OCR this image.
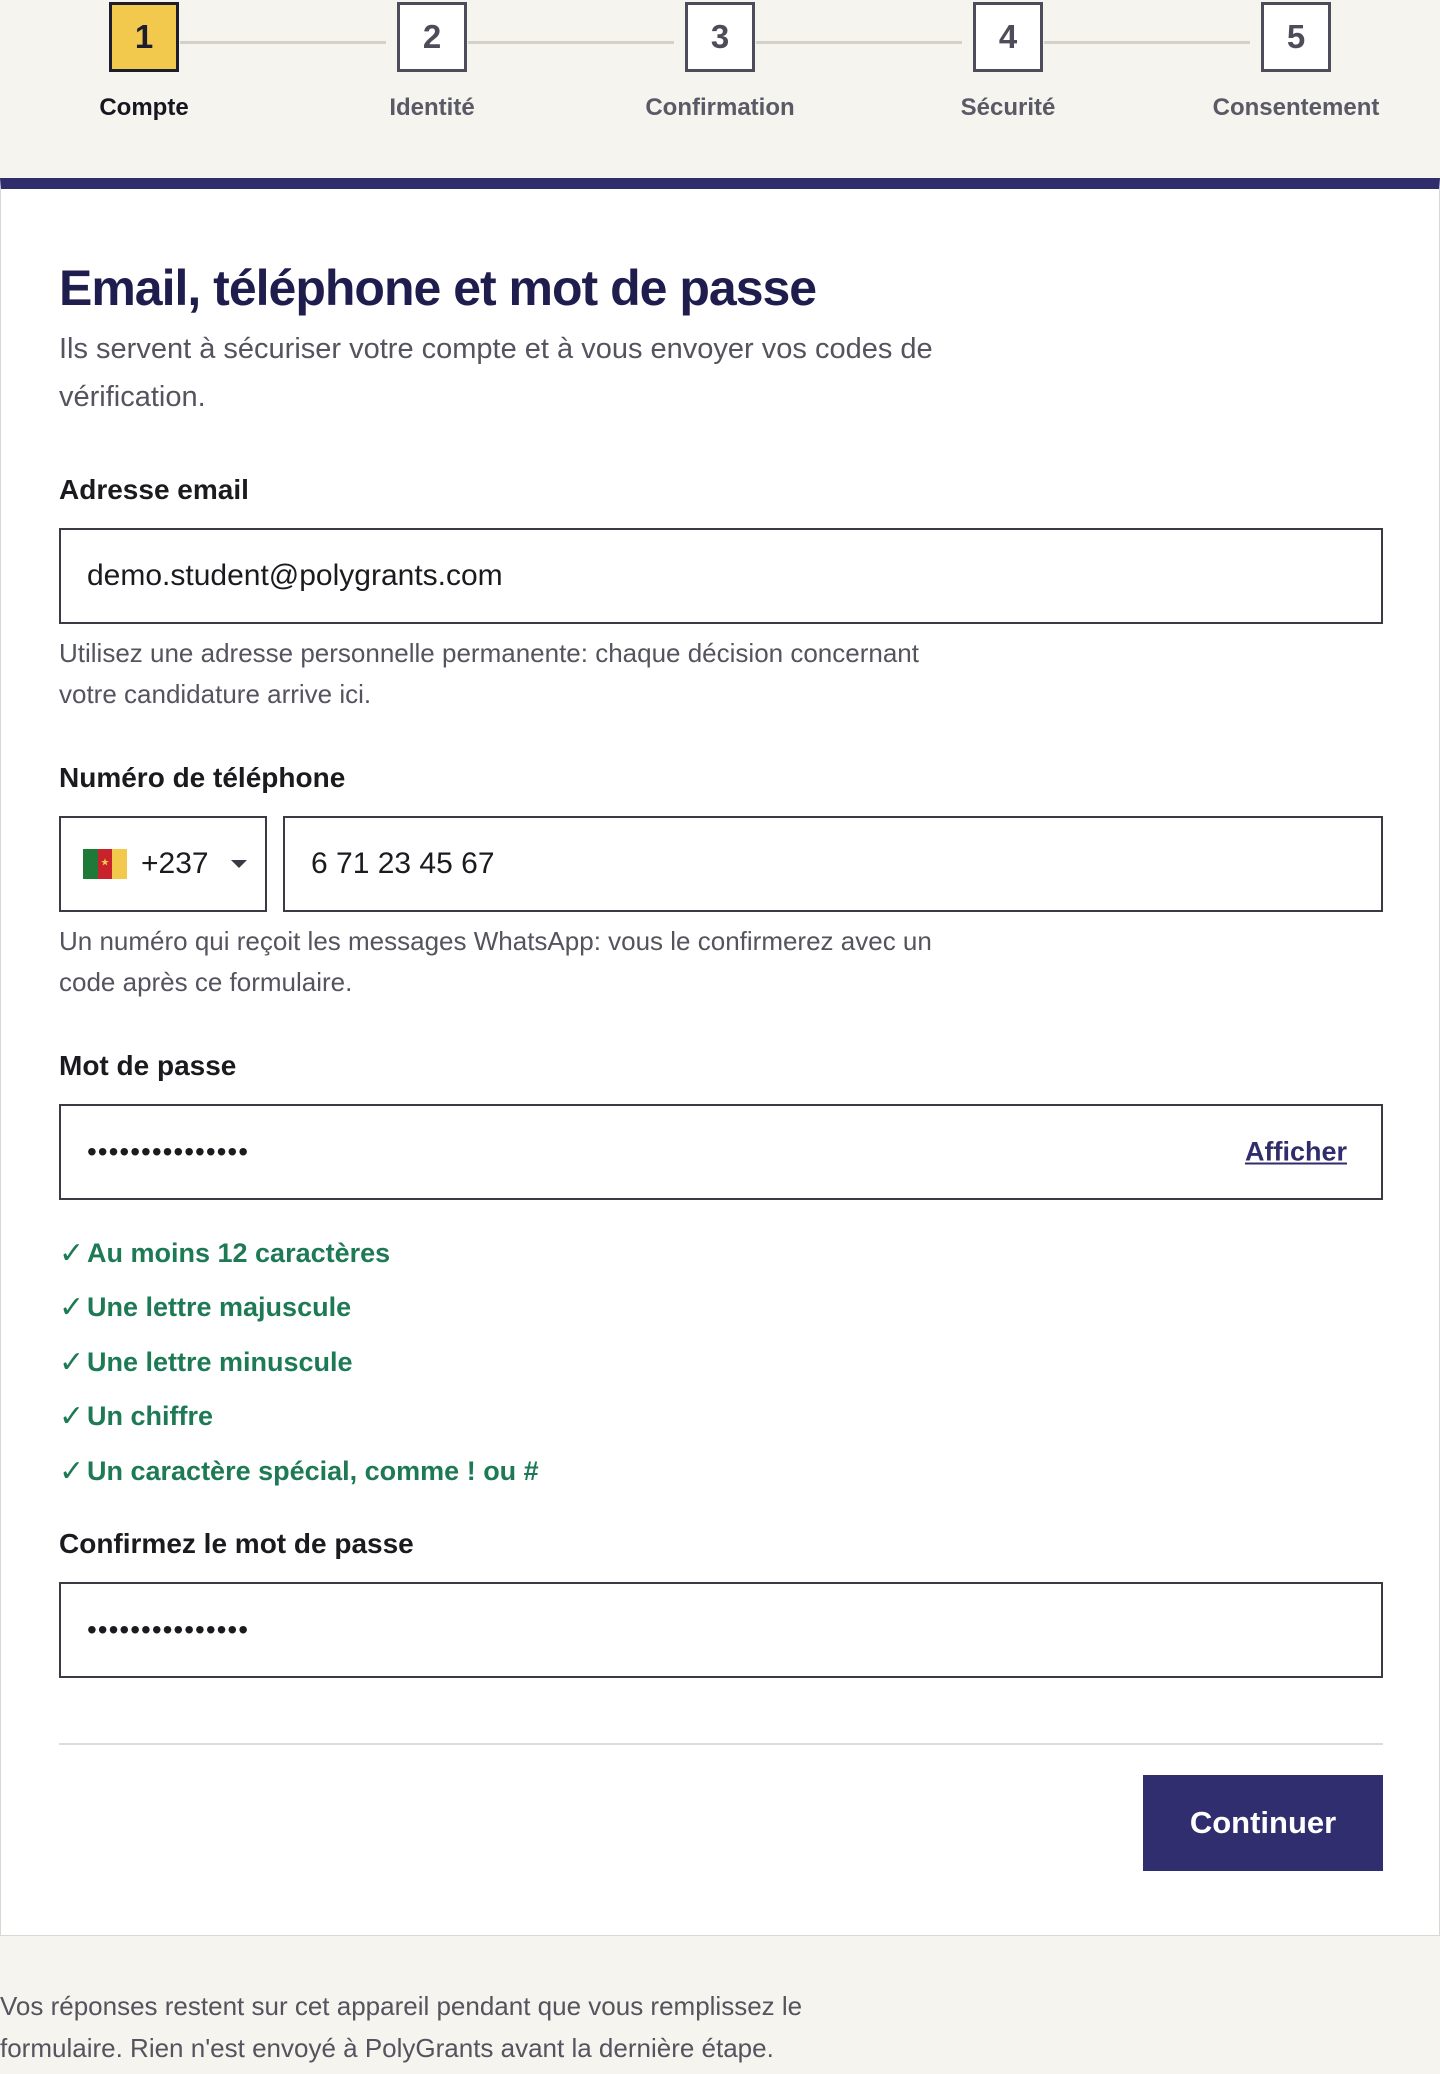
1
Compte
2
Identité
3
Confirmation
4
Sécurité
5
Consentement
Email, téléphone et mot de passe

Ils servent à sécuriser votre compte et à vous envoyer vos codes de vérification.

Adresse email
demo.student@polygrants.com

Utilisez une adresse personnelle permanente: chaque décision concernant votre candidature arrive ici.

Numéro de téléphone
★
+237
6 71 23 45 67

Un numéro qui reçoit les messages WhatsApp: vous le confirmerez avec un code après ce formulaire.

Mot de passe
•••••••••••••••
Afficher
✓ Au moins 12 caractères
✓ Une lettre majuscule
✓ Une lettre minuscule
✓ Un chiffre
✓ Un caractère spécial, comme ! ou #
Confirmez le mot de passe
•••••••••••••••
Continuer

Vos réponses restent sur cet appareil pendant que vous remplissez le formulaire. Rien n'est envoyé à PolyGrants avant la dernière étape.
